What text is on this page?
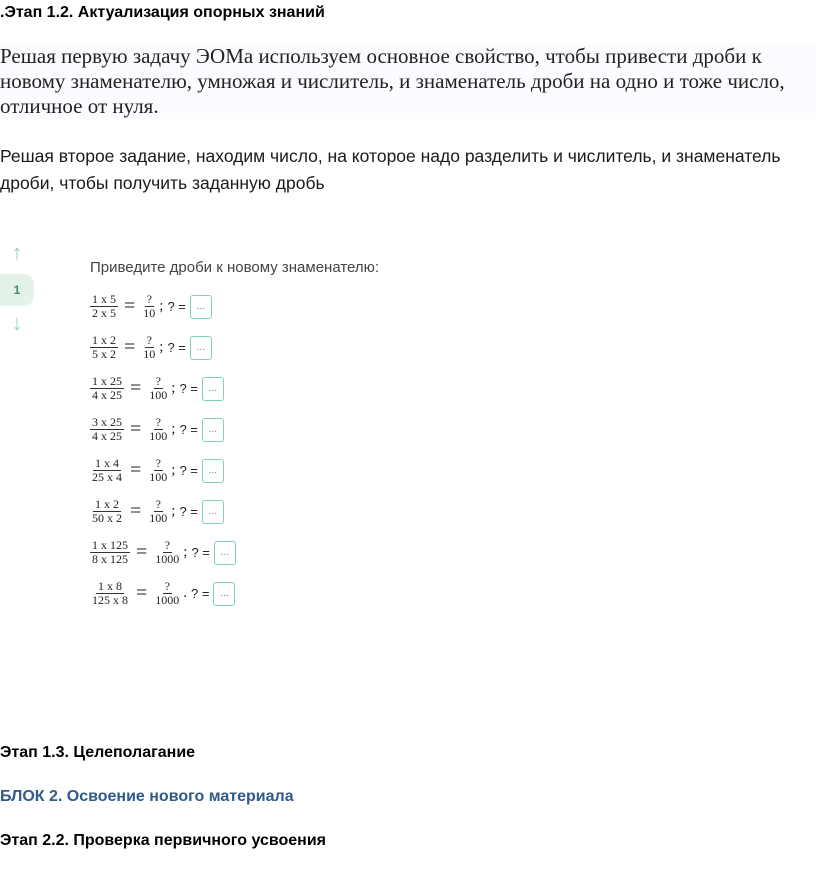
.Этап 1.2. Актуализация опорных знаний
Решая первую задачу ЭОМа используем основное свойство, чтобы привести дроби к новому знаменателю, умножая и числитель, и знаменатель дроби на одно и тоже число, отличное от нуля.
Решая второе задание, находим число, на которое надо разделить и числитель, и знаменатель дроби, чтобы получить заданную дробь
↑
1
↓
Приведите дроби к новому знаменателю:
$\frac{1 x 5}{2 x 5} = \frac{?}{10}$ ; ? =	...
$\frac{1 x 2}{5 x 2} = \frac{?}{10}$ ; ? =	...
$\frac{1 x 25}{4 x 25} = \frac{?}{100}$ ; ? =	...
$\frac{3 x 25}{4 x 25} = \frac{?}{100}$ ; ? =	...
$\frac{1 x 4}{25 x 4} = \frac{?}{100}$ ; ? =	...
$\frac{1 x 2}{50 x 2} = \frac{?}{100}$ ; ? =	...
$\frac{1 x 125}{8 x 125} = \frac{?}{1000}$ ; ? =	...
$\frac{1 x 8}{125 x 8} = \frac{?}{1000}$ . ? =	...
Этап 1.3. Целеполагание
БЛОК 2. Освоение нового материала
Этап 2.2. Проверка первичного усвоения
